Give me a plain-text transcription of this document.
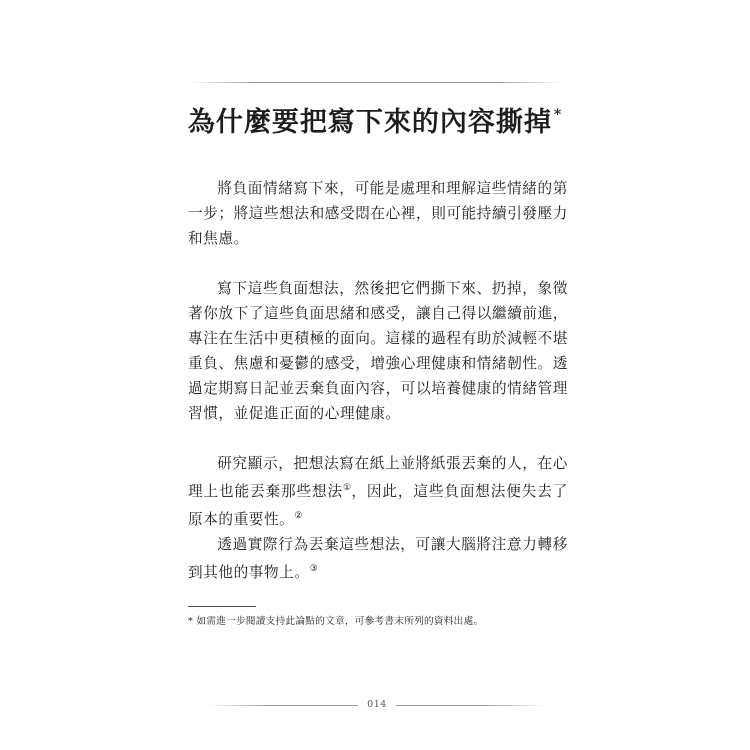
為什麼要把寫下來的內容撕掉 *

將負面情緒寫下來，可能是處理和理解這些情緒的第一步；將這些想法和感受悶在心裡，則可能持續引發壓力和焦慮。

寫下這些負面想法，然後把它們撕下來、扔掉，象徵著你放下了這些負面思緒和感受，讓自己得以繼續前進，專注在生活中更積極的面向。這樣的過程有助於減輕不堪重負、焦慮和憂鬱的感受，增強心理健康和情緒韌性。透過定期寫日記並丟棄負面內容，可以培養健康的情緒管理習慣，並促進正面的心理健康。

研究顯示，把想法寫在紙上並將紙張丟棄的人，在心理上也能丟棄那些想法①，因此，這些負面想法便失去了原本的重要性。②

透過實際行為丟棄這些想法，可讓大腦將注意力轉移到其他的事物上。③

* 如需進一步閱讀支持此論點的文章，可參考書末所列的資料出處。
014
